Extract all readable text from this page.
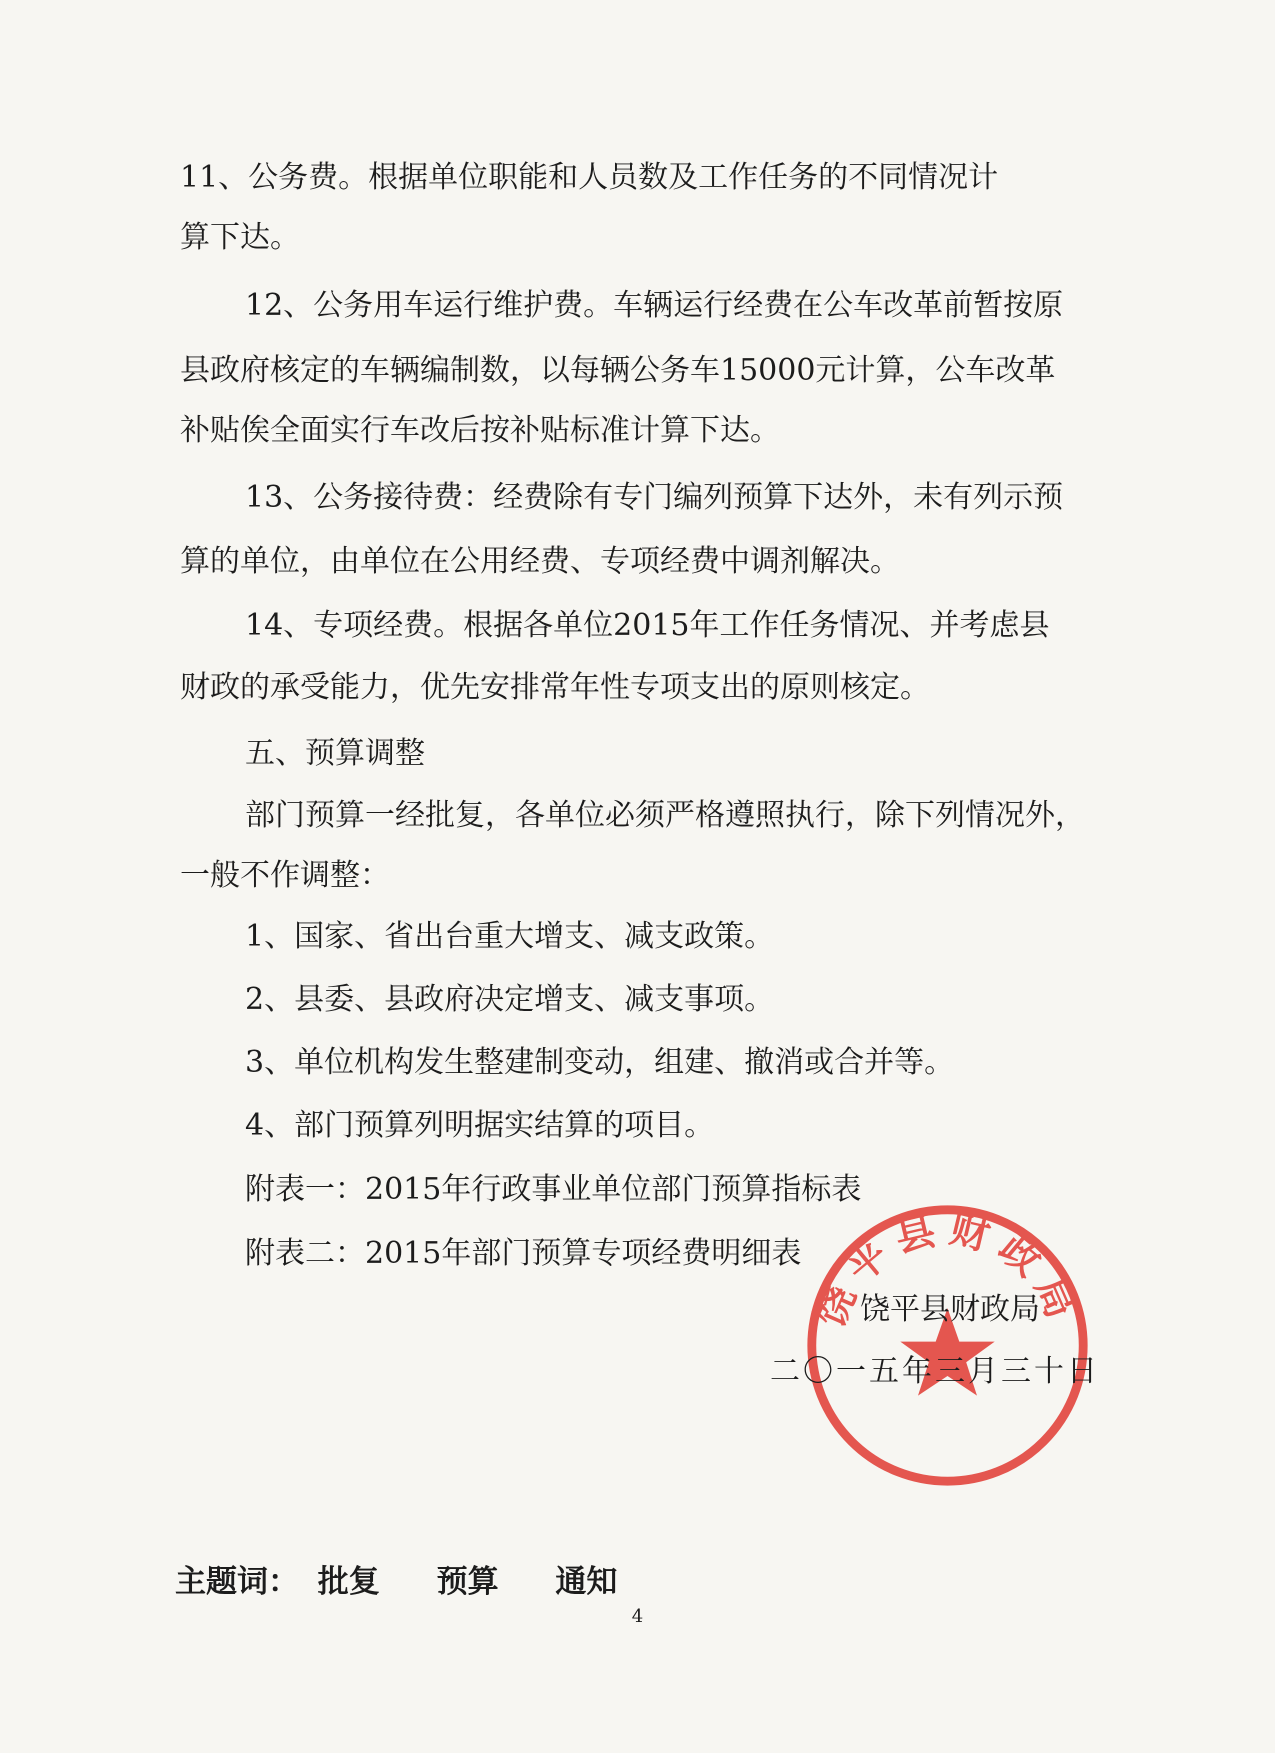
11、公务费。根据单位职能和人员数及工作任务的不同情况计
算下达。
12、公务用车运行维护费。车辆运行经费在公车改革前暂按原
县政府核定的车辆编制数，以每辆公务车15000元计算，公车改革
补贴俟全面实行车改后按补贴标准计算下达。
13、公务接待费：经费除有专门编列预算下达外，未有列示预
算的单位，由单位在公用经费、专项经费中调剂解决。
14、专项经费。根据各单位2015年工作任务情况、并考虑县
财政的承受能力，优先安排常年性专项支出的原则核定。
五、预算调整
部门预算一经批复，各单位必须严格遵照执行，除下列情况外，
一般不作调整：
1、国家、省出台重大增支、减支政策。
2、县委、县政府决定增支、减支事项。
3、单位机构发生整建制变动，组建、撤消或合并等。
4、部门预算列明据实结算的项目。
附表一：2015年行政事业单位部门预算指标表
附表二：2015年部门预算专项经费明细表
饶平县财政局
饶平县财政局
二〇一五年三月三十日
主题词： 批复 预算 通知
4
